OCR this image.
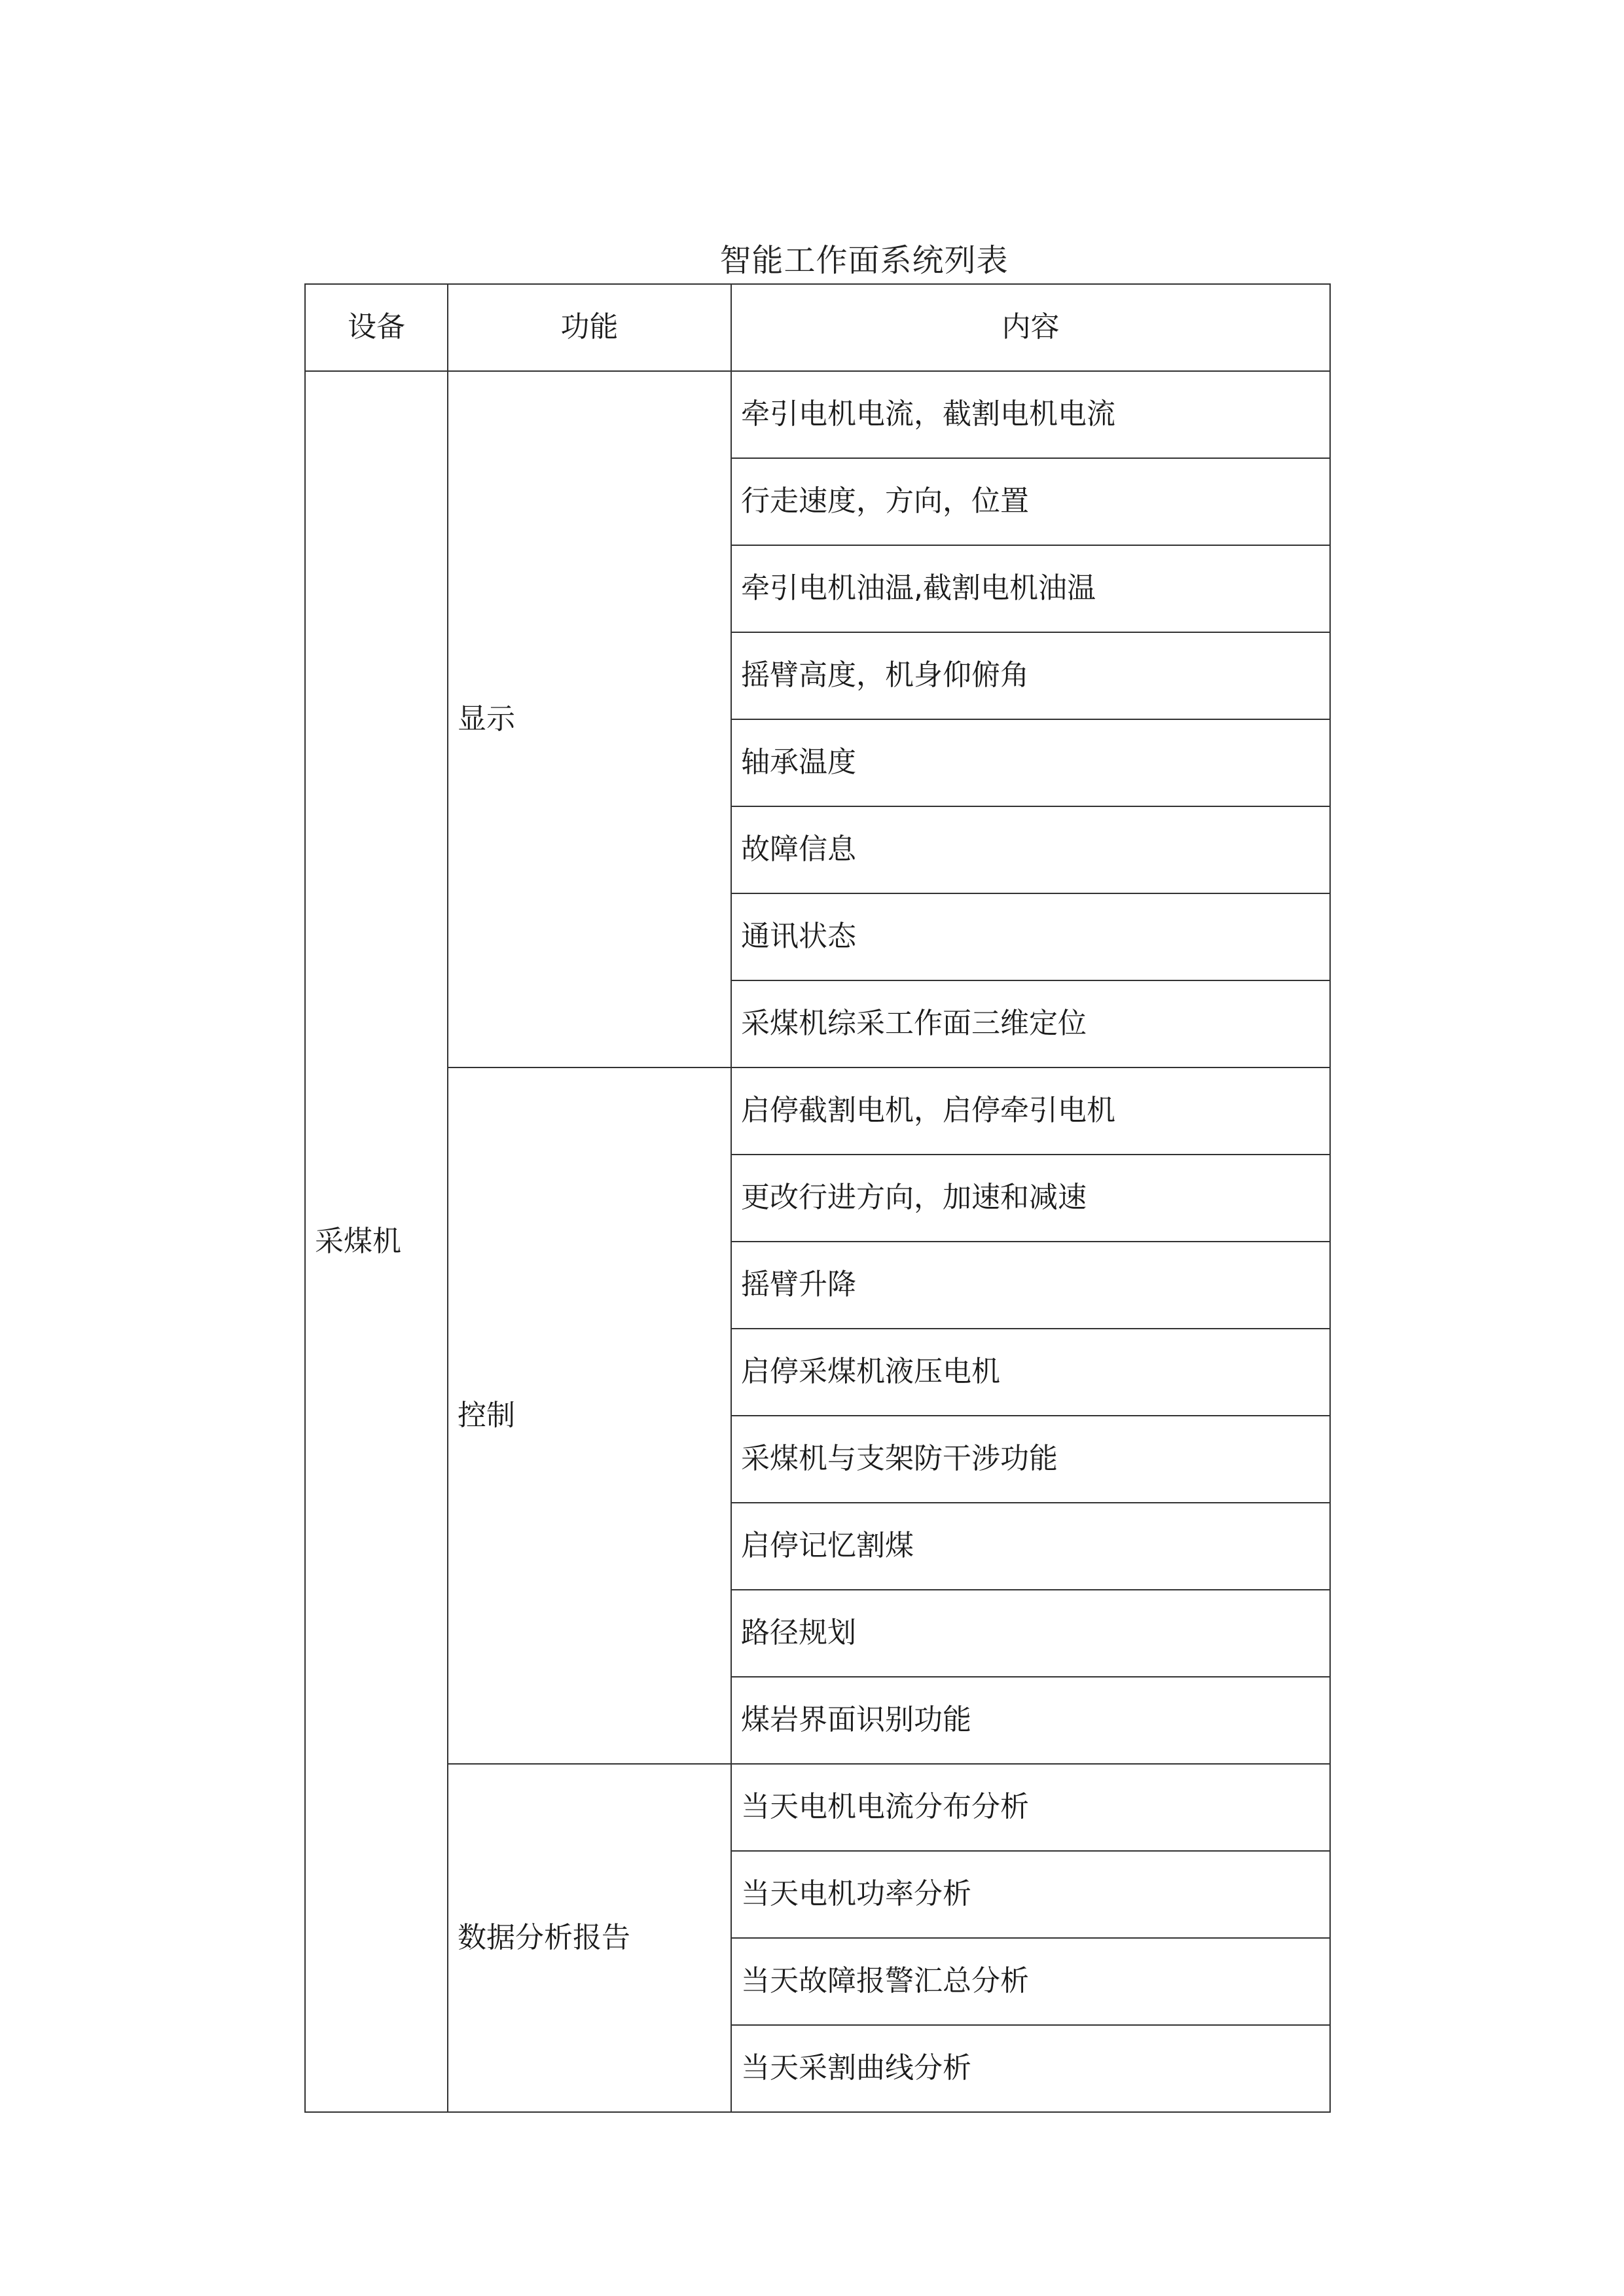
智能工作面系统列表
设备	功能	内容
采煤机	显示	牵引电机电流，截割电机电流
		行走速度，方向，位置
		牵引电机油温,截割电机油温
		摇臂高度，机身仰俯角
		轴承温度
		故障信息
		通讯状态
		采煤机综采工作面三维定位
	控制	启停截割电机，启停牵引电机
		更改行进方向，加速和减速
		摇臂升降
		启停采煤机液压电机
		采煤机与支架防干涉功能
		启停记忆割煤
		路径规划
		煤岩界面识别功能
	数据分析报告	当天电机电流分布分析
		当天电机功率分析
		当天故障报警汇总分析
		当天采割曲线分析
